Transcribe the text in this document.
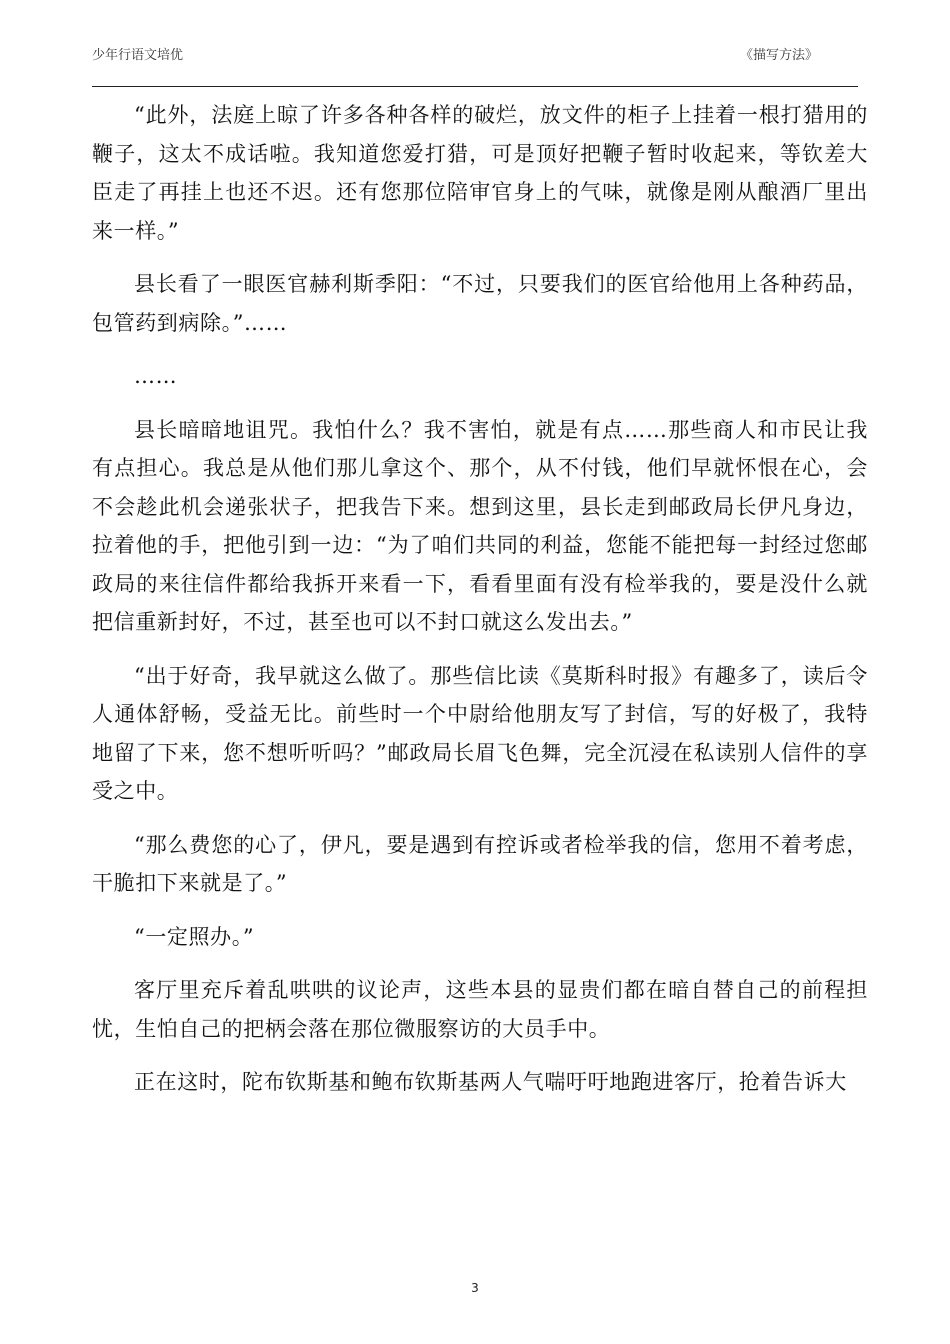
少年行语文培优	《描写方法》

“此外，法庭上晾了许多各种各样的破烂，放文件的柜子上挂着一根打猎用的鞭子，这太不成话啦。我知道您爱打猎，可是顶好把鞭子暂时收起来，等钦差大臣走了再挂上也还不迟。还有您那位陪审官身上的气味，就像是刚从酿酒厂里出来一样。”

县长看了一眼医官赫利斯季阳：“不过，只要我们的医官给他用上各种药品，包管药到病除。”……

……

县长暗暗地诅咒。我怕什么？我不害怕，就是有点……那些商人和市民让我有点担心。我总是从他们那儿拿这个、那个，从不付钱，他们早就怀恨在心，会不会趁此机会递张状子，把我告下来。想到这里，县长走到邮政局长伊凡身边，拉着他的手，把他引到一边：“为了咱们共同的利益，您能不能把每一封经过您邮政局的来往信件都给我拆开来看一下，看看里面有没有检举我的，要是没什么就把信重新封好，不过，甚至也可以不封口就这么发出去。”

“出于好奇，我早就这么做了。那些信比读《莫斯科时报》有趣多了，读后令人通体舒畅，受益无比。前些时一个中尉给他朋友写了封信，写的好极了，我特地留了下来，您不想听听吗？”邮政局长眉飞色舞，完全沉浸在私读别人信件的享受之中。

“那么费您的心了，伊凡，要是遇到有控诉或者检举我的信，您用不着考虑，干脆扣下来就是了。”

“一定照办。”

客厅里充斥着乱哄哄的议论声，这些本县的显贵们都在暗自替自己的前程担忧，生怕自己的把柄会落在那位微服察访的大员手中。

正在这时，陀布钦斯基和鲍布钦斯基两人气喘吁吁地跑进客厅，抢着告诉大

3
